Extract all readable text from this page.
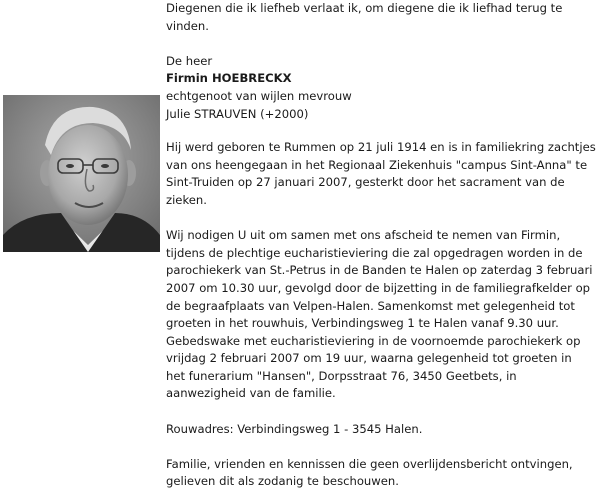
Diegenen die ik liefheb verlaat ik, om diegene die ik liefhad terug te
vinden.
De heer
Firmin HOEBRECKX
echtgenoot van wijlen mevrouw
Julie STRAUVEN (+2000)
Hij werd geboren te Rummen op 21 juli 1914 en is in familiekring zachtjes
van ons heengegaan in het Regionaal Ziekenhuis "campus Sint-Anna" te
Sint-Truiden op 27 januari 2007, gesterkt door het sacrament van de
zieken.
Wij nodigen U uit om samen met ons afscheid te nemen van Firmin,
tijdens de plechtige eucharistieviering die zal opgedragen worden in de
parochiekerk van St.-Petrus in de Banden te Halen op zaterdag 3 februari
2007 om 10.30 uur, gevolgd door de bijzetting in de familiegrafkelder op
de begraafplaats van Velpen-Halen. Samenkomst met gelegenheid tot
groeten in het rouwhuis, Verbindingsweg 1 te Halen vanaf 9.30 uur.
Gebedswake met eucharistieviering in de voornoemde parochiekerk op
vrijdag 2 februari 2007 om 19 uur, waarna gelegenheid tot groeten in
het funerarium "Hansen", Dorpsstraat 76, 3450 Geetbets, in
aanwezigheid van de familie.
Rouwadres: Verbindingsweg 1 - 3545 Halen.
Familie, vrienden en kennissen die geen overlijdensbericht ontvingen,
gelieven dit als zodanig te beschouwen.
